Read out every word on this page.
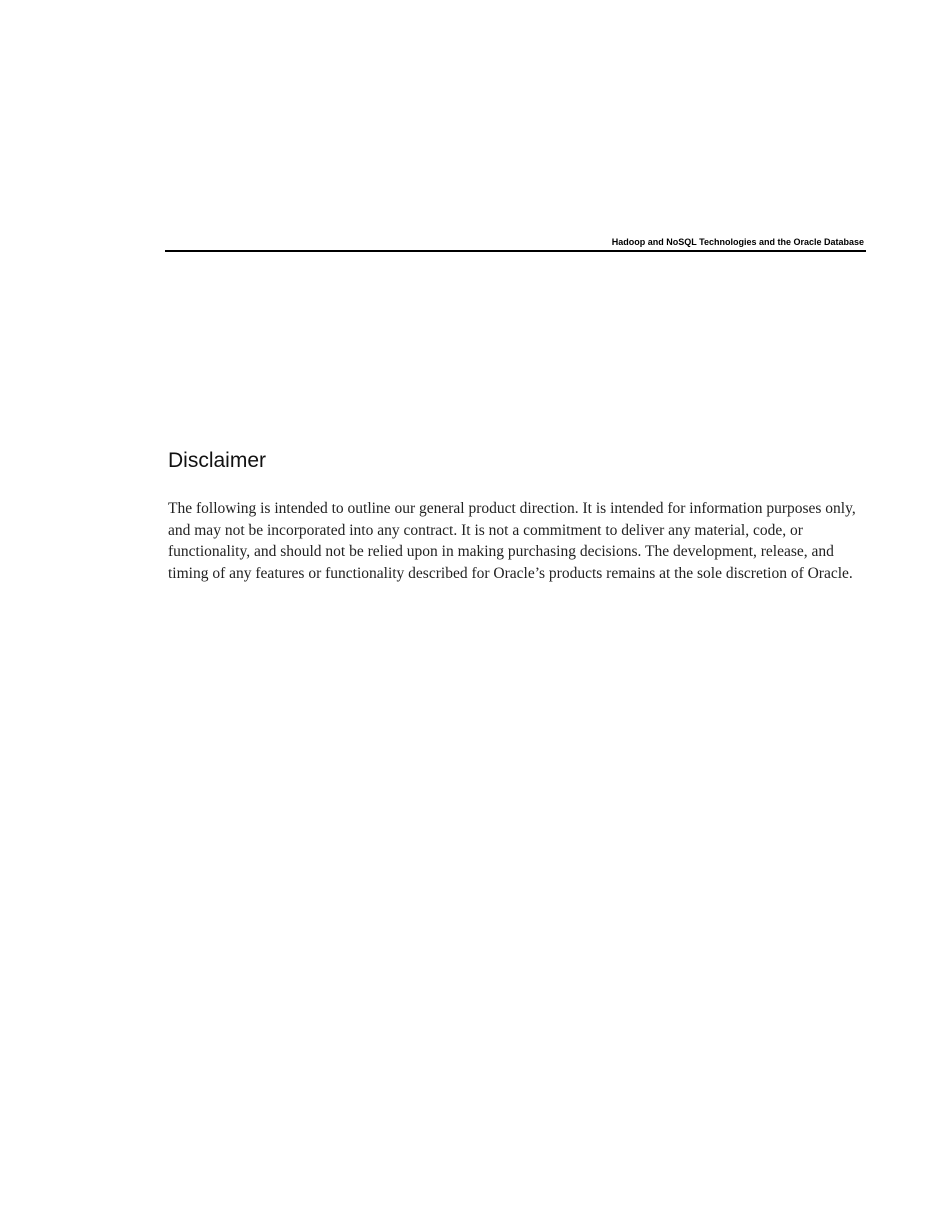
Hadoop and NoSQL Technologies and the Oracle Database
Disclaimer

The following is intended to outline our general product direction. It is intended for information purposes only, and may not be incorporated into any contract. It is not a commitment to deliver any material, code, or functionality, and should not be relied upon in making purchasing decisions. The development, release, and timing of any features or functionality described for Oracle’s products remains at the sole discretion of Oracle.
